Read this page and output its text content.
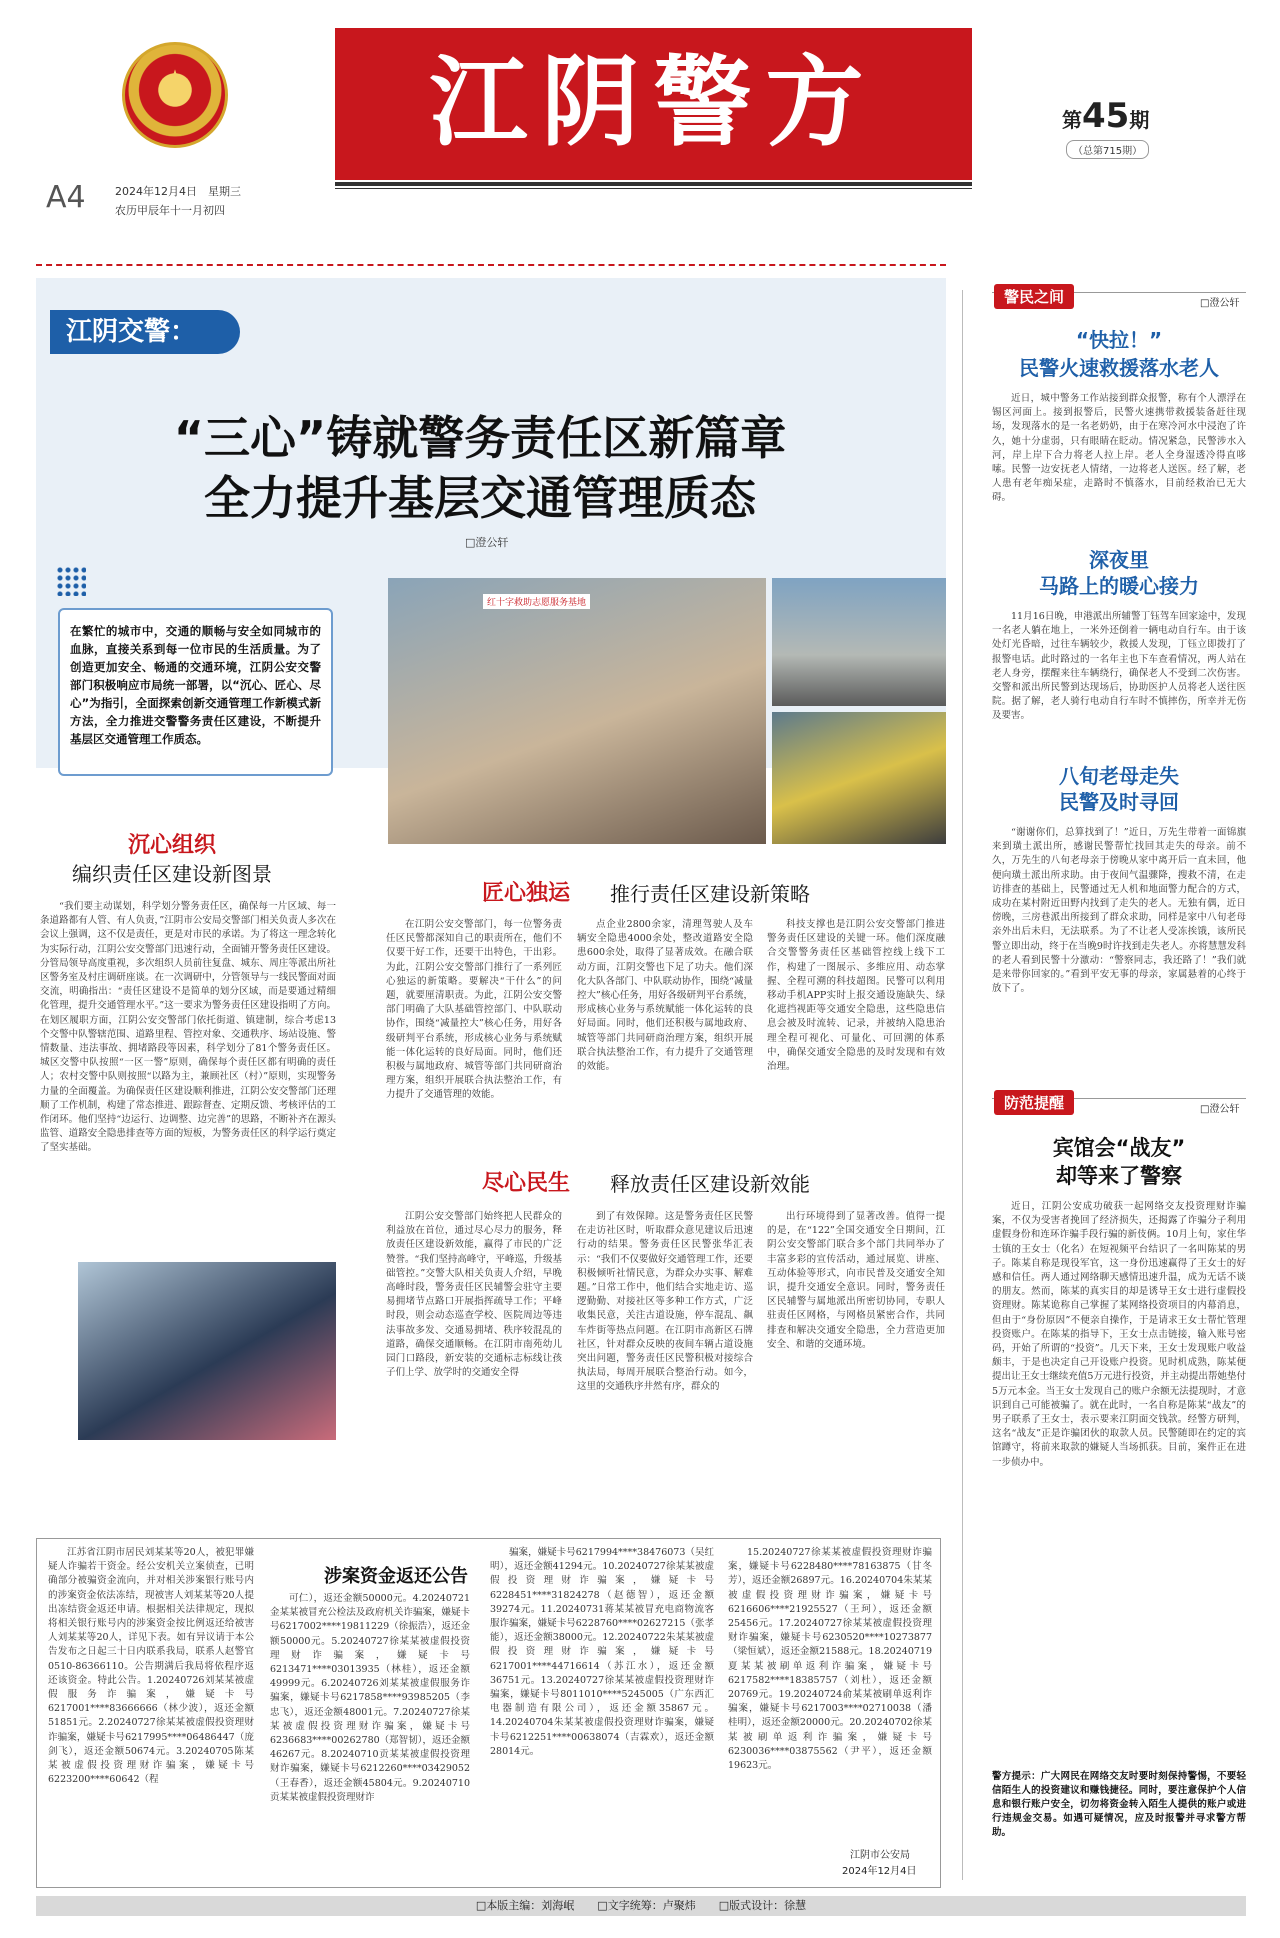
★
A4	2024年12月4日　星期三
农历甲辰年十一月初四
江阴警方	第45期
（总第715期）
江阴交警：
“三心”铸就警务责任区新篇章
全力提升基层交通管理质态
□澄公轩
在繁忙的城市中，交通的顺畅与安全如同城市的血脉，直接关系到每一位市民的生活质量。为了创造更加安全、畅通的交通环境，江阴公安交警部门积极响应市局统一部署，以“沉心、匠心、尽心”为指引，全面探索创新交通管理工作新模式新方法，全力推进交警警务责任区建设，不断提升基层区交通管理工作质态。
红十字救助志愿服务基地
沉心组织
编织责任区建设新图景

“我们要主动谋划，科学划分警务责任区，确保每一片区域、每一条道路都有人管、有人负责，”江阴市公安局交警部门相关负责人多次在会议上强调，这不仅是责任，更是对市民的承诺。为了将这一理念转化为实际行动，江阴公安交警部门迅速行动，全面铺开警务责任区建设。分管局领导高度重视，多次组织人员前往复盘、城东、周庄等派出所社区警务室及村庄调研座谈。在一次调研中，分管领导与一线民警面对面交流，明确指出：“责任区建设不是简单的划分区域，而是要通过精细化管理，提升交通管理水平。”这一要求为警务责任区建设指明了方向。在划区履职方面，江阴公安交警部门依托街道、镇建制，综合考虑13个交警中队警辖范围、道路里程、管控对象、交通秩序、场站设施、警情数量、违法事故、拥堵路段等因素，科学划分了81个警务责任区。城区交警中队按照“一区一警”原则，确保每个责任区都有明确的责任人；农村交警中队则按照“以路为主，兼顾社区（村）”原则，实现警务力量的全面覆盖。为确保责任区建设顺利推进，江阴公安交警部门还理顺了工作机制，构建了常态推进、跟踪督查、定期反馈、考核评估的工作闭环。他们坚持“边运行、边调整、边完善”的思路，不断补齐在源头监管、道路安全隐患排查等方面的短板，为警务责任区的科学运行奠定了坚实基础。

匠心独运 推行责任区建设新策略

在江阴公安交警部门，每一位警务责任区民警都深知自己的职责所在，他们不仅要干好工作，还要干出特色，干出彩。为此，江阴公安交警部门推行了一系列匠心独运的新策略。要解决“干什么”的问题，就要厘清职责。为此，江阴公安交警部门明确了大队基础管控部门、中队联动协作，围绕“减量控大”核心任务，用好各级研判平台系统，形成核心业务与系统赋能一体化运转的良好局面。同时，他们还积极与属地政府、城管等部门共同研商治理方案，组织开展联合执法整治工作，有力提升了交通管理的效能。

点企业2800余家，清理驾驶人及车辆安全隐患4000余处，整改道路安全隐患600余处，取得了显著成效。在融合联动方面，江阴交警也下足了功夫。他们深化大队各部门、中队联动协作，围绕“减量控大”核心任务，用好各级研判平台系统，形成核心业务与系统赋能一体化运转的良好局面。同时，他们还积极与属地政府、城管等部门共同研商治理方案，组织开展联合执法整治工作，有力提升了交通管理的效能。

科技支撑也是江阴公安交警部门推进警务责任区建设的关键一环。他们深度融合交警警务责任区基础管控线上线下工作，构建了一图展示、多维应用、动态掌握、全程可溯的科技超图。民警可以利用移动手机APP实时上报交通设施缺失、绿化遮挡视距等交通安全隐患，这些隐患信息会被及时流转、记录，并被纳入隐患治理全程可视化、可量化、可回溯的体系中，确保交通安全隐患的及时发现和有效治理。

尽心民生 释放责任区建设新效能

江阴公安交警部门始终把人民群众的利益放在首位，通过尽心尽力的服务，释放责任区建设新效能，赢得了市民的广泛赞誉。“我们坚持高峰守，平峰巡，升级基础管控。”交警大队相关负责人介绍，早晚高峰时段，警务责任区民辅警会驻守主要易拥堵节点路口开展指挥疏导工作；平峰时段，则会动态巡查学校、医院周边等违法事故多发、交通易拥堵、秩序较混乱的道路，确保交通顺畅。在江阴市南苑幼儿园门口路段，新安装的交通标志标线让孩子们上学、放学时的交通安全得

到了有效保障。这是警务责任区民警在走访社区时，听取群众意见建议后迅速行动的结果。警务责任区民警张华汇表示：“我们不仅要做好交通管理工作，还要积极倾听社情民意，为群众办实事、解难题。”日常工作中，他们结合实地走访、巡逻勤勤、对接社区等多种工作方式，广泛收集民意，关注古道设施，停车混乱、飙车炸街等热点问题。在江阴市高新区石牌社区，针对群众反映的夜间车辆占道设施突出问题，警务责任区民警积极对接综合执法局，每周开展联合整治行动。如今，这里的交通秩序井然有序，群众的

出行环境得到了显著改善。值得一提的是，在“122”全国交通安全日期间，江阴公安交警部门联合多个部门共同举办了丰富多彩的宣传活动，通过展览、讲座、互动体验等形式，向市民普及交通安全知识，提升交通安全意识。同时，警务责任区民辅警与属地派出所密切协同，专职人驻责任区网格，与网格员紧密合作，共同排查和解决交通安全隐患，全力营造更加安全、和谐的交通环境。

警民之间	□澄公轩
“快拉！”
民警火速救援落水老人

近日，城中警务工作站接到群众报警，称有个人漂浮在锡区河面上。接到报警后，民警火速携带救援装备赶往现场，发现落水的是一名老奶奶，由于在寒冷河水中浸泡了许久，她十分虚弱，只有眼睛在眨动。情况紧急，民警涉水入河，岸上岸下合力将老人拉上岸。老人全身湿透冷得直哆嗦。民警一边安抚老人情绪，一边将老人送医。经了解，老人患有老年痴呆症，走路时不慎落水，目前经救治已无大碍。

深夜里
马路上的暖心接力

11月16日晚，申港派出所辅警丁钰驾车回家途中，发现一名老人躺在地上，一米外还倒着一辆电动自行车。由于该处灯光昏暗，过往车辆较少，救援人发现，丁钰立即拨打了报警电话。此时路过的一名年主也下车查看情况，两人站在老人身旁，摆醒来往车辆绕行，确保老人不受到二次伤害。交警和派出所民警到达现场后，协助医护人员将老人送往医院。据了解，老人骑行电动自行车时不慎摔伤，所幸并无伤及要害。

八旬老母走失
民警及时寻回

“谢谢你们，总算找到了！”近日，万先生带着一面锦旗来到璜土派出所，感谢民警帮忙找回其走失的母亲。前不久，万先生的八旬老母亲于傍晚从家中离开后一直未回，他便向璜土派出所求助。由于夜间气温骤降，搜救不清，在走访排查的基础上，民警通过无人机和地面警力配合的方式，成功在某村附近田野内找到了走失的老人。无独有偶，近日傍晚，三房巷派出所接到了群众求助，同样是家中八旬老母亲外出后未归，无法联系。为了不让老人受冻挨饿，该所民警立即出动，终于在当晚9时许找到走失老人。亦将慧慧发科的老人看到民警十分激动：“警察同志，我还路了！”我们就是来带你回家的。”看到平安无事的母亲，家属悬着的心终于放下了。

防范提醒	□澄公轩
宾馆会“战友”
却等来了警察

近日，江阴公安成功破获一起网络交友投资理财诈骗案，不仅为受害者挽回了经济损失，还揭露了诈骗分子利用虚假身份和连环诈骗手段行骗的新伎俩。10月上旬，家住华士镇的王女士（化名）在短视频平台结识了一名叫陈某的男子。陈某自称是现役军官，这一身份迅速赢得了王女士的好感和信任。两人通过网络聊天感情迅速升温，成为无话不谈的朋友。然而，陈某的真实目的却是诱导王女士进行虚假投资理财。陈某诡称自己掌握了某网络投资项目的内幕消息，但由于“身份原因”不便亲自操作，于是请求王女士帮忙管理投资账户。在陈某的指导下，王女士点击链接，输入账号密码，开始了所谓的“投资”。几天下来，王女士发现账户收益颇丰，于是也决定自己开设账户投资。见时机成熟，陈某便提出让王女士继续充值5万元进行投资，并主动提出帮她垫付5万元本金。当王女士发现自己的账户余额无法提现时，才意识到自己可能被骗了。就在此时，一名自称是陈某“战友”的男子联系了王女士，表示要来江阴面交钱款。经警方研判，这名“战友”正是诈骗团伙的取款人员。民警随即在约定的宾馆蹲守，将前来取款的嫌疑人当场抓获。目前，案件正在进一步侦办中。

警方提示：广大网民在网络交友时要时刻保持警惕，不要轻信陌生人的投资建议和赚钱捷径。同时，要注意保护个人信息和银行账户安全，切勿将资金转入陌生人提供的账户或进行违规金交易。如遇可疑情况，应及时报警并寻求警方帮助。

江苏省江阴市居民刘某某等20人，被犯罪嫌疑人诈骗若干资金。经公安机关立案侦查，已明确部分被骗资金流向，并对相关涉案银行账号内的涉案资金依法冻结，现被害人刘某某等20人提出冻结资金返还申请。根据相关法律规定，现拟将相关银行账号内的涉案资金按比例返还给被害人刘某某等20人，详见下表。如有异议请于本公告发布之日起三十日内联系我局，联系人赵警官0510-86366110。公告期满后我局将依程序返还该资金。特此公告。1.20240726刘某某被虚假服务诈骗案，嫌疑卡号6217001****83666666（林少波），返还金额51851元。2.20240727徐某某被虚假投资理财诈骗案，嫌疑卡号6217995****06486447（庞剑飞），返还金额50674元。3.20240705陈某某被虚假投资理财诈骗案，嫌疑卡号6223200****60642（程

涉案资金返还公告

可仁），返还金额50000元。4.20240721金某某被冒充公检法及政府机关诈骗案，嫌疑卡号6217002****19811229（徐振浩），返还金额50000元。5.20240727徐某某被虚假投资理财诈骗案，嫌疑卡号6213471****03013935（林桂），返还金额49999元。6.20240726刘某某被虚假服务诈骗案，嫌疑卡号6217858****93985205（李忠飞），返还金额48001元。7.20240727徐某某被虚假投资理财诈骗案，嫌疑卡号6236683****00262780（郑智韧），返还金额46267元。8.20240710贡某某被虚假投资理财诈骗案，嫌疑卡号6212260****03429052（王春香），返还金额45804元。9.20240710贡某某被虚假投资理财诈

骗案，嫌疑卡号6217994****38476073（吴红明），返还金额41294元。10.20240727徐某某被虚假投资理财诈骗案，嫌疑卡号6228451****31824278（赵德智），返还金额39274元。11.20240731蒋某某被冒充电商物流客服诈骗案，嫌疑卡号6228760****02627215（张孝能），返还金额38000元。12.20240722朱某某被虚假投资理财诈骗案，嫌疑卡号6217001****44716614（苏江水），返还金额36751元。13.20240727徐某某被虚假投资理财诈骗案，嫌疑卡号8011010****5245005（广东西汇电器制造有限公司），返还金额35867元。14.20240704朱某某被虚假投资理财诈骗案，嫌疑卡号6212251****00638074（吉霖欢），返还金额28014元。

15.20240727徐某某被虚假投资理财诈骗案，嫌疑卡号6228480****78163875（甘冬芳），返还金额26897元。16.20240704朱某某被虚假投资理财诈骗案，嫌疑卡号6216606****21925527（王珂），返还金额25456元。17.20240727徐某某被虚假投资理财诈骗案，嫌疑卡号6230520****10273877（梁恒斌），返还金额21588元。18.20240719夏某某被刷单返利诈骗案，嫌疑卡号6217582****18385757（刘杜），返还金额20769元。19.20240724俞某某被刷单返利诈骗案，嫌疑卡号6217003****02710038（潘桂明），返还金额20000元。20.20240702徐某某被刷单返利诈骗案，嫌疑卡号6230036****03875562（尹平），返还金额19623元。

江阴市公安局
2024年12月4日
□本版主编：刘海岷 □文字统筹：卢聚炜 □版式设计：徐慧
